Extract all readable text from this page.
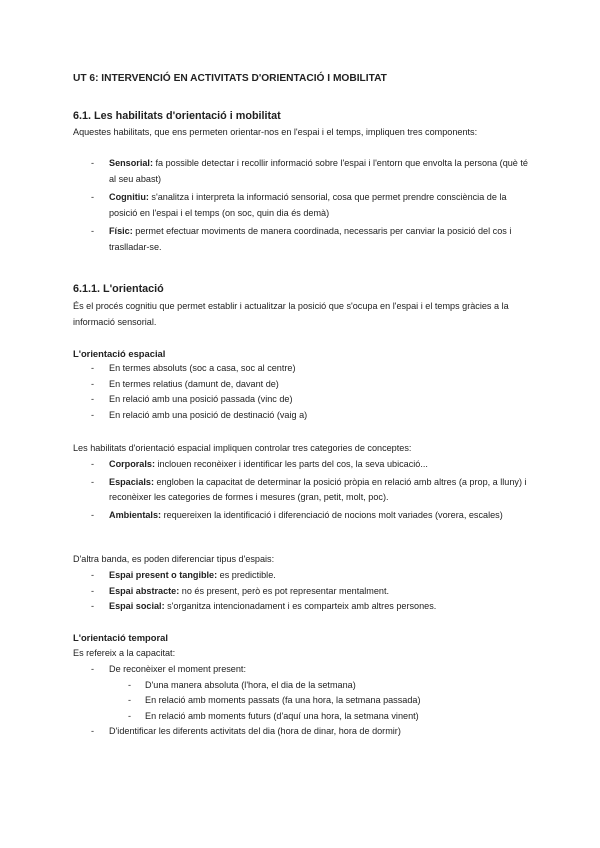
UT 6: INTERVENCIÓ EN ACTIVITATS D'ORIENTACIÓ I MOBILITAT
6.1. Les habilitats d'orientació i mobilitat
Aquestes habilitats, que ens permeten orientar-nos en l'espai i el temps, impliquen tres components:
- Sensorial: fa possible detectar i recollir informació sobre l'espai i l'entorn que envolta la persona (què té al seu abast)
- Cognitiu: s'analitza i interpreta la informació sensorial, cosa que permet prendre consciència de la posició en l'espai i el temps (on soc, quin dia és demà)
- Físic: permet efectuar moviments de manera coordinada, necessaris per canviar la posició del cos i traslladar-se.
6.1.1. L'orientació
És el procés cognitiu que permet establir i actualitzar la posició que s'ocupa en l'espai i el temps gràcies a la informació sensorial.
L'orientació espacial
- En termes absoluts (soc a casa, soc al centre)
- En termes relatius (damunt de, davant de)
- En relació amb una posició passada (vinc de)
- En relació amb una posició de destinació (vaig a)
Les habilitats d'orientació espacial impliquen controlar tres categories de conceptes:
- Corporals: inclouen reconèixer i identificar les parts del cos, la seva ubicació...
- Espacials: engloben la capacitat de determinar la posició pròpia en relació amb altres (a prop, a lluny) i reconèixer les categories de formes i mesures (gran, petit, molt, poc).
- Ambientals: requereixen la identificació i diferenciació de nocions molt variades (vorera, escales)
D'altra banda, es poden diferenciar tipus d'espais:
- Espai present o tangible: es predictible.
- Espai abstracte: no és present, però es pot representar mentalment.
- Espai social: s'organitza intencionadament i es comparteix amb altres persones.
L'orientació temporal
Es refereix a la capacitat:
- De reconèixer el moment present:
- D'una manera absoluta (l'hora, el dia de la setmana)
- En relació amb moments passats (fa una hora, la setmana passada)
- En relació amb moments futurs (d'aquí una hora, la setmana vinent)
- D'identificar les diferents activitats del dia (hora de dinar, hora de dormir)
